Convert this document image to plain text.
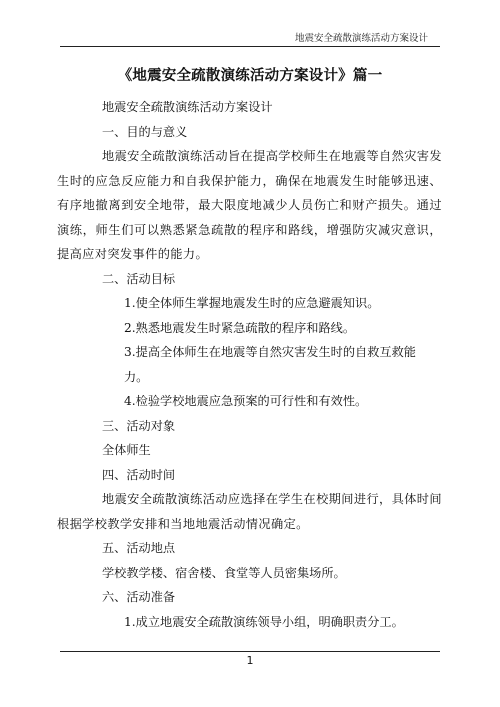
地震安全疏散演练活动方案设计
《地震安全疏散演练活动方案设计》篇一

地震安全疏散演练活动方案设计

一、目的与意义

地震安全疏散演练活动旨在提高学校师生在地震等自然灾害发生时的应急反应能力和自我保护能力，确保在地震发生时能够迅速、有序地撤离到安全地带，最大限度地减少人员伤亡和财产损失。通过演练，师生们可以熟悉紧急疏散的程序和路线，增强防灾减灾意识，提高应对突发事件的能力。

二、活动目标

1.使全体师生掌握地震发生时的应急避震知识。

2.熟悉地震发生时紧急疏散的程序和路线。

3.提高全体师生在地震等自然灾害发生时的自救互救能力。

4.检验学校地震应急预案的可行性和有效性。

三、活动对象

全体师生

四、活动时间

地震安全疏散演练活动应选择在学生在校期间进行，具体时间根据学校教学安排和当地地震活动情况确定。

五、活动地点

学校教学楼、宿舍楼、食堂等人员密集场所。

六、活动准备

1.成立地震安全疏散演练领导小组，明确职责分工。

1
